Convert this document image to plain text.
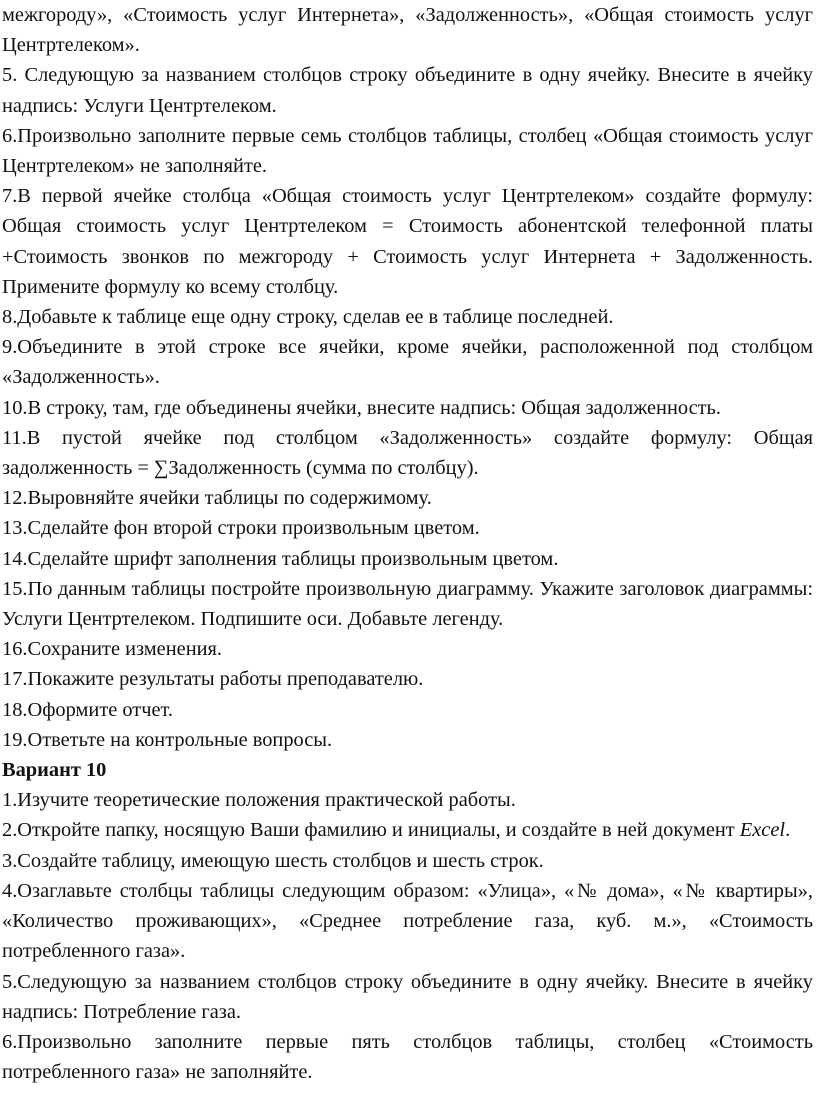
межгороду», «Стоимость услуг Интернета», «Задолженность», «Общая стоимость услуг Центртелеком».

5. Следующую за названием столбцов строку объедините в одну ячейку. Внесите в ячейку надпись: Услуги Центртелеком.

6.Произвольно заполните первые семь столбцов таблицы, столбец «Общая стоимость услуг Центртелеком» не заполняйте.

7.В первой ячейке столбца «Общая стоимость услуг Центртелеком» создайте формулу: Общая стоимость услуг Центртелеком = Стоимость абонентской телефонной платы +Стоимость звонков по межгороду + Стоимость услуг Интернета + Задолженность. Примените формулу ко всему столбцу.

8.Добавьте к таблице еще одну строку, сделав ее в таблице последней.

9.Объедините в этой строке все ячейки, кроме ячейки, расположенной под столбцом «Задолженность».

10.В строку, там, где объединены ячейки, внесите надпись: Общая задолженность.

11.В пустой ячейке под столбцом «Задолженность» создайте формулу: Общая задолженность = ∑Задолженность (сумма по столбцу).

12.Выровняйте ячейки таблицы по содержимому.

13.Сделайте фон второй строки произвольным цветом.

14.Сделайте шрифт заполнения таблицы произвольным цветом.

15.По данным таблицы постройте произвольную диаграмму. Укажите заголовок диаграммы: Услуги Центртелеком. Подпишите оси. Добавьте легенду.

16.Сохраните изменения.

17.Покажите результаты работы преподавателю.

18.Оформите отчет.

19.Ответьте на контрольные вопросы.

Вариант 10

1.Изучите теоретические положения практической работы.

2.Откройте папку, носящую Ваши фамилию и инициалы, и создайте в ней документ Excel.

3.Создайте таблицу, имеющую шесть столбцов и шесть строк.

4.Озаглавьте столбцы таблицы следующим образом: «Улица», «№ дома», «№ квартиры», «Количество проживающих», «Среднее потребление газа, куб. м.», «Стоимость потребленного газа».

5.Следующую за названием столбцов строку объедините в одну ячейку. Внесите в ячейку надпись: Потребление газа.

6.Произвольно заполните первые пять столбцов таблицы, столбец «Стоимость потребленного газа» не заполняйте.
